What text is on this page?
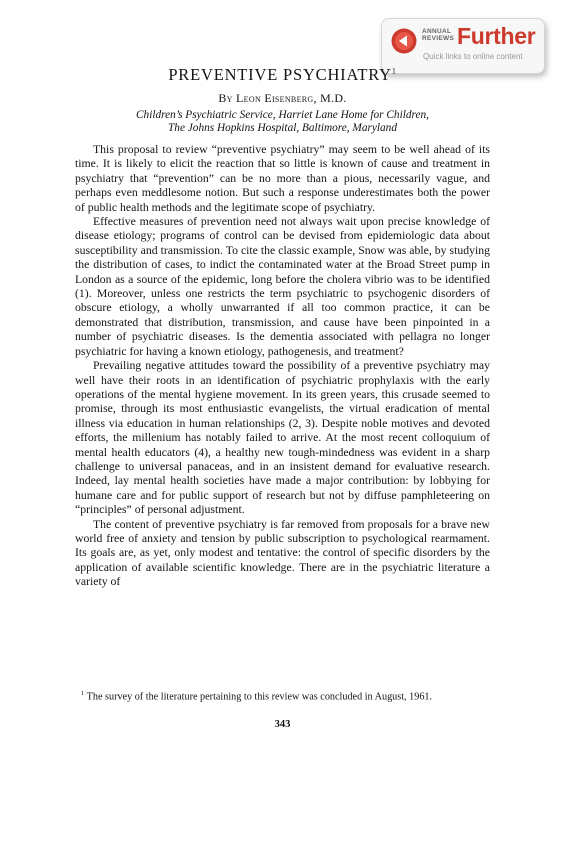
ANNUAL
REVIEWS Further
Quick links to online content
PREVENTIVE PSYCHIATRY$^1$
By Leon Eisenberg, M.D.
Children’s Psychiatric Service, Harriet Lane Home for Children,
The Johns Hopkins Hospital, Baltimore, Maryland

This proposal to review “preventive psychiatry” may seem to be well ahead of its time. It is likely to elicit the reaction that so little is known of cause and treatment in psychiatry that “prevention” can be no more than a pious, necessarily vague, and perhaps even meddlesome notion. But such a response underestimates both the power of public health methods and the legitimate scope of psychiatry.

Effective measures of prevention need not always wait upon precise knowledge of disease etiology; programs of control can be devised from epidemiologic data about susceptibility and transmission. To cite the classic example, Snow was able, by studying the distribution of cases, to indict the contaminated water at the Broad Street pump in London as a source of the epidemic, long before the cholera vibrio was to be identified (1). Moreover, unless one restricts the term psychiatric to psychogenic disorders of obscure etiology, a wholly unwarranted if all too common practice, it can be demonstrated that distribution, transmission, and cause have been pinpointed in a number of psychiatric diseases. Is the dementia associated with pellagra no longer psychiatric for having a known etiology, pathogenesis, and treatment?

Prevailing negative attitudes toward the possibility of a preventive psychiatry may well have their roots in an identification of psychiatric prophylaxis with the early operations of the mental hygiene movement. In its green years, this crusade seemed to promise, through its most enthusiastic evangelists, the virtual eradication of mental illness via education in human relationships (2, 3). Despite noble motives and devoted efforts, the millenium has notably failed to arrive. At the most recent colloquium of mental health educators (4), a healthy new tough-mindedness was evident in a sharp challenge to universal panaceas, and in an insistent demand for evaluative research. Indeed, lay mental health societies have made a major contribution: by lobbying for humane care and for public support of research but not by diffuse pamphleteering on “principles” of personal adjustment.

The content of preventive psychiatry is far removed from proposals for a brave new world free of anxiety and tension by public subscription to psychological rearmament. Its goals are, as yet, only modest and tentative: the control of specific disorders by the application of available scientific knowledge. There are in the psychiatric literature a variety of

$^1$ The survey of the literature pertaining to this review was concluded in August, 1961.
343
